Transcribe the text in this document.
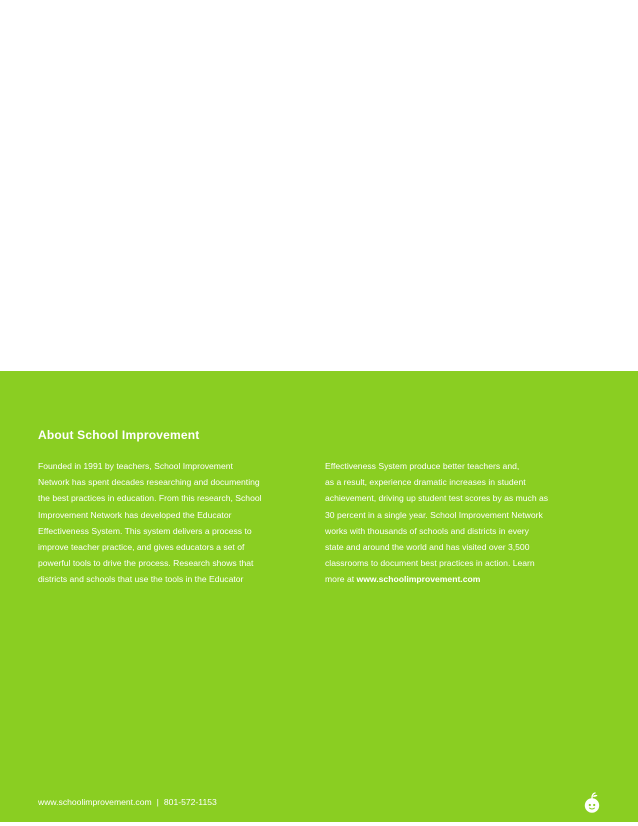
About School Improvement

Founded in 1991 by teachers, School Improvement

Network has spent decades researching and documenting

the best practices in education. From this research, School

Improvement Network has developed the Educator

Effectiveness System. This system delivers a process to

improve teacher practice, and gives educators a set of

powerful tools to drive the process. Research shows that

districts and schools that use the tools in the Educator

Effectiveness System produce better teachers and,

as a result, experience dramatic increases in student

achievement, driving up student test scores by as much as

30 percent in a single year. School Improvement Network

works with thousands of schools and districts in every

state and around the world and has visited over 3,500

classrooms to document best practices in action. Learn

more at www.schoolimprovement.com

www.schoolimprovement.com | 801-572-1153
